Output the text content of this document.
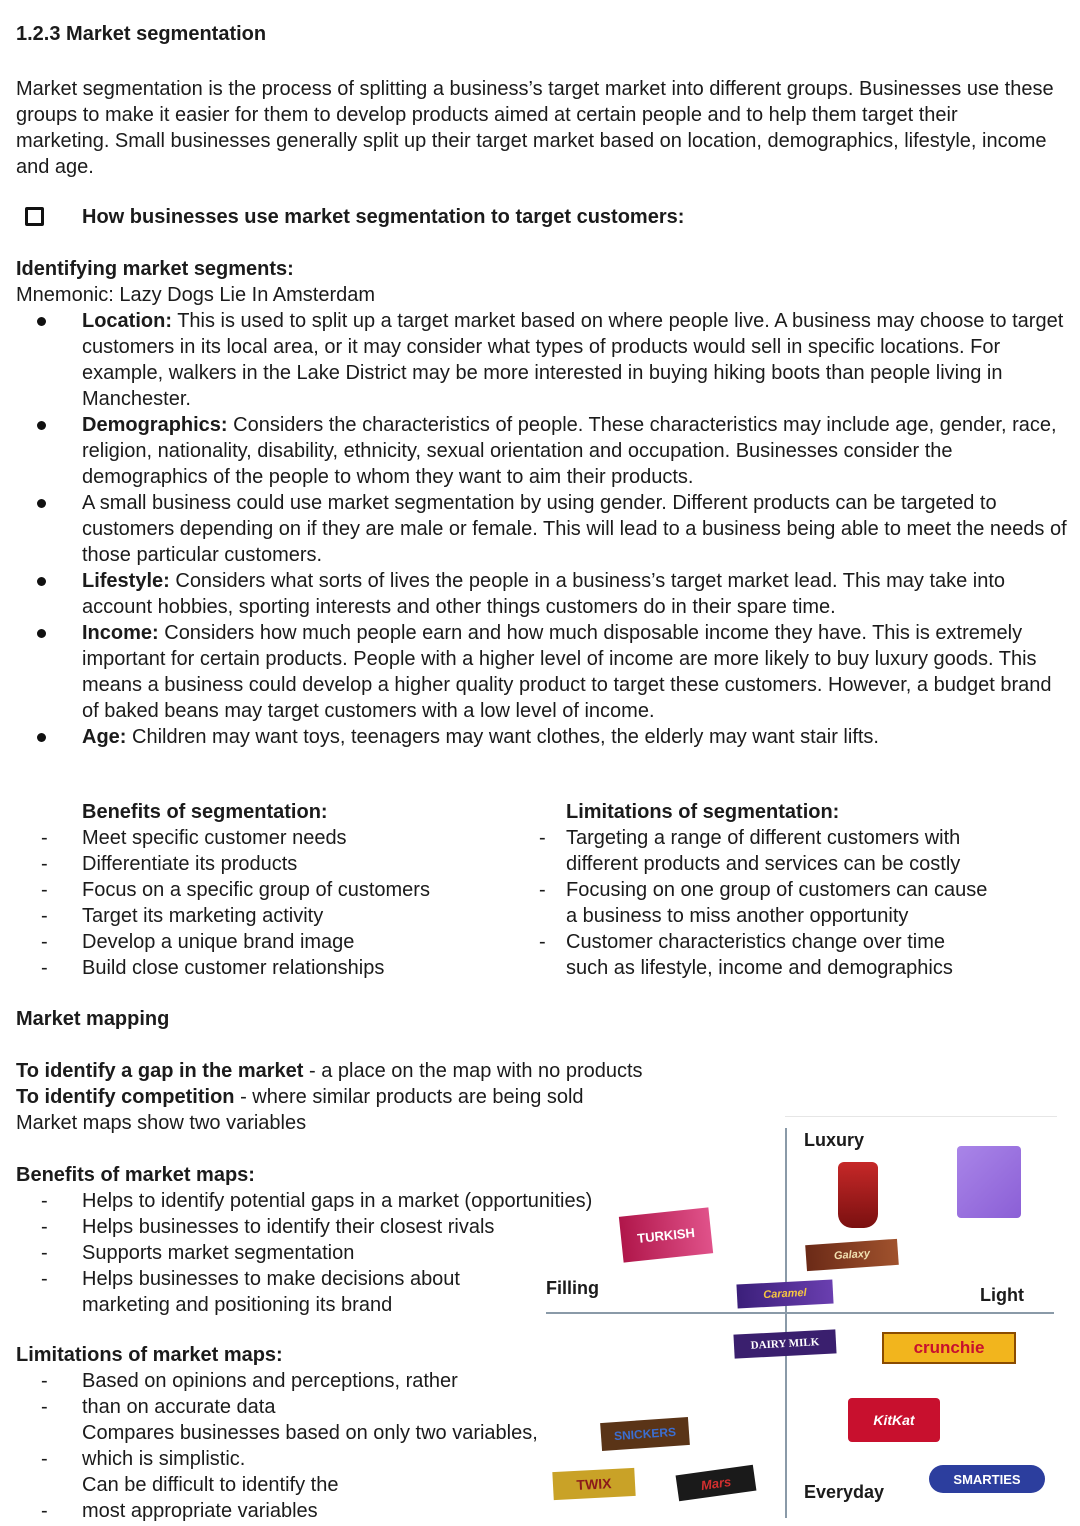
1.2.3 Market segmentation
Market segmentation is the process of splitting a business’s target market into different groups. Businesses use these groups to make it easier for them to develop products aimed at certain people and to help them target their marketing. Small businesses generally split up their target market based on location, demographics, lifestyle, income and age.
How businesses use market segmentation to target customers:
Identifying market segments:
Mnemonic: Lazy Dogs Lie In Amsterdam
Location: This is used to split up a target market based on where people live. A business may choose to target customers in its local area, or it may consider what types of products would sell in specific locations. For example, walkers in the Lake District may be more interested in buying hiking boots than people living in Manchester.
Demographics: Considers the characteristics of people. These characteristics may include age, gender, race, religion, nationality, disability, ethnicity, sexual orientation and occupation. Businesses consider the demographics of the people to whom they want to aim their products.
A small business could use market segmentation by using gender. Different products can be targeted to customers depending on if they are male or female. This will lead to a business being able to meet the needs of those particular customers.
Lifestyle: Considers what sorts of lives the people in a business’s target market lead. This may take into account hobbies, sporting interests and other things customers do in their spare time.
Income: Considers how much people earn and how much disposable income they have. This is extremely important for certain products. People with a higher level of income are more likely to buy luxury goods. This means a business could develop a higher quality product to target these customers. However, a budget brand of baked beans may target customers with a low level of income.
Age: Children may want toys, teenagers may want clothes, the elderly may want stair lifts.
Benefits of segmentation:
- Meet specific customer needs
- Differentiate its products
- Focus on a specific group of customers
- Target its marketing activity
- Develop a unique brand image
- Build close customer relationships
Limitations of segmentation:
- Targeting a range of different customers with
different products and services can be costly
- Focusing on one group of customers can cause
a business to miss another opportunity
- Customer characteristics change over time
such as lifestyle, income and demographics
Market mapping
To identify a gap in the market - a place on the map with no products
To identify competition - where similar products are being sold
Market maps show two variables
Benefits of market maps:
- Helps to identify potential gaps in a market (opportunities)
- Helps businesses to identify their closest rivals
- Supports market segmentation
- Helps businesses to make decisions about
marketing and positioning its brand
Limitations of market maps:
- Based on opinions and perceptions, rather
- than on accurate data
Compares businesses based on only two variables,
- which is simplistic.
Can be difficult to identify the
- most appropriate variables
Luxury
Everyday
Filling	Light
TURKISH
Galaxy
Caramel
DAIRY MILK	crunchie
KitKat
SNICKERS
TWIX	Mars	SMARTIES
